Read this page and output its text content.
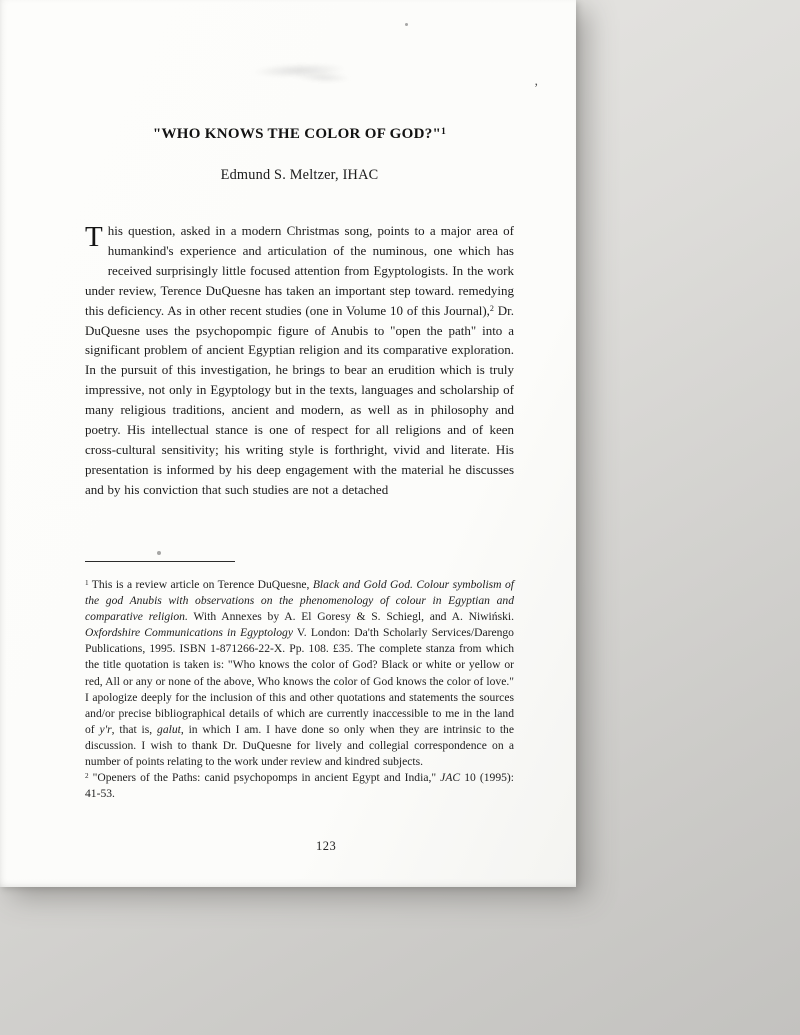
’
"WHO KNOWS THE COLOR OF GOD?"$^1$
Edmund S. Meltzer, IHAC

This question, asked in a modern Christmas song, points to a major area of humankind's experience and articulation of the numinous, one which has received surprisingly little focused attention from Egyptologists. In the work under review, Terence DuQuesne has taken an important step toward. remedying this deficiency. As in other recent studies (one in Volume 10 of this Journal),$^2$ Dr. DuQuesne uses the psychopompic figure of Anubis to "open the path" into a significant problem of ancient Egyptian religion and its comparative exploration. In the pursuit of this investigation, he brings to bear an erudition which is truly impressive, not only in Egyptology but in the texts, languages and scholarship of many religious traditions, ancient and modern, as well as in philosophy and poetry. His intellectual stance is one of respect for all religions and of keen cross-cultural sensitivity; his writing style is forthright, vivid and literate. His presentation is informed by his deep engagement with the material he discusses and by his conviction that such studies are not a detached

$^1$ This is a review article on Terence DuQuesne, Black and Gold God. Colour symbolism of the god Anubis with observations on the phenomenology of colour in Egyptian and comparative religion. With Annexes by A. El Goresy & S. Schiegl, and A. Niwiński. Oxfordshire Communications in Egyptology V. London: Da'th Scholarly Services/Darengo Publications, 1995. ISBN 1-871266-22-X. Pp. 108. £35. The complete stanza from which the title quotation is taken is: "Who knows the color of God? Black or white or yellow or red, All or any or none of the above, Who knows the color of God knows the color of love." I apologize deeply for the inclusion of this and other quotations and statements the sources and/or precise bibliographical details of which are currently inaccessible to me in the land of y'r, that is, galut, in which I am. I have done so only when they are intrinsic to the discussion. I wish to thank Dr. DuQuesne for lively and collegial correspondence on a number of points relating to the work under review and kindred subjects.

$^2$ "Openers of the Paths: canid psychopomps in ancient Egypt and India," JAC 10 (1995): 41-53.

123
